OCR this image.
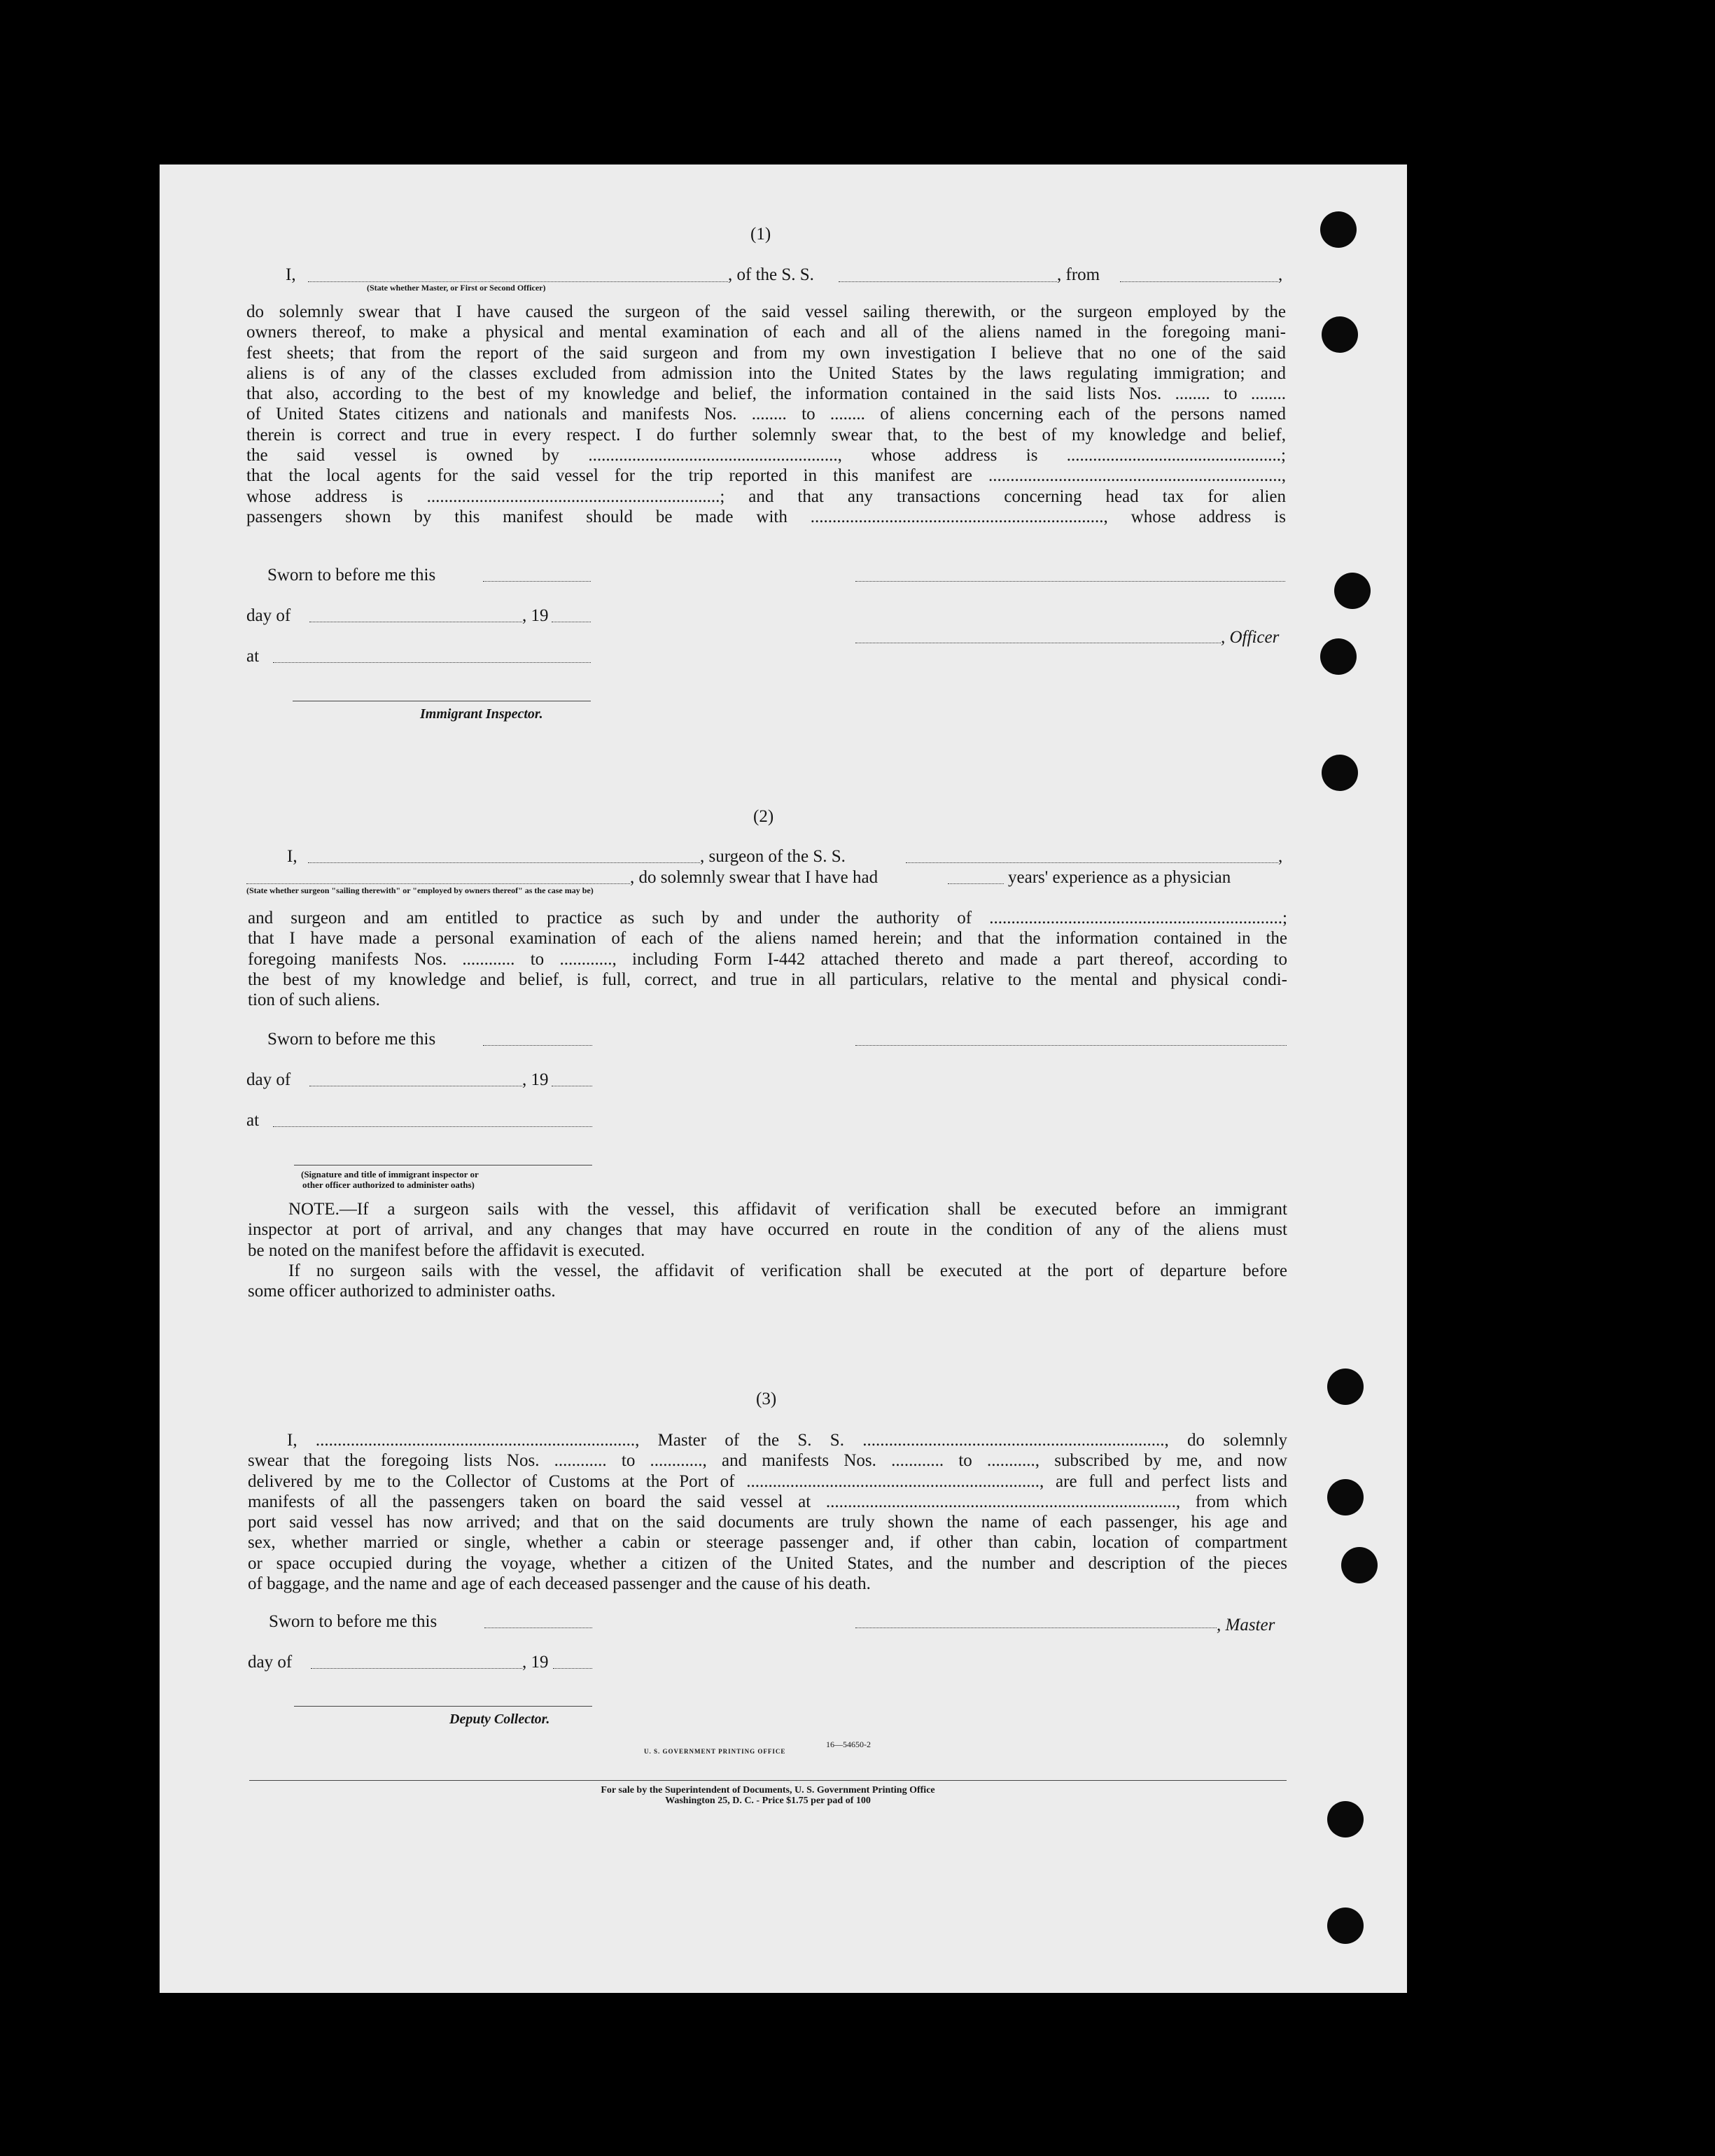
(1)
I,	, of the S. S.	, from	,
(State whether Master, or First or Second Officer)
do solemnly swear that I have caused the surgeon of the said vessel sailing therewith, or the surgeon employed by the
owners thereof, to make a physical and mental examination of each and all of the aliens named in the foregoing mani-
fest sheets; that from the report of the said surgeon and from my own investigation I believe that no one of the said
aliens is of any of the classes excluded from admission into the United States by the laws regulating immigration; and
that also, according to the best of my knowledge and belief, the information contained in the said lists Nos. ........ to ........
of United States citizens and nationals and manifests Nos. ........ to ........ of aliens concerning each of the persons named
therein is correct and true in every respect. I do further solemnly swear that, to the best of my knowledge and belief,
the said vessel is owned by ........................................................., whose address is .................................................;
that the local agents for the said vessel for the trip reported in this manifest are ...................................................................,
whose address is ...................................................................; and that any transactions concerning head tax for alien
passengers shown by this manifest should be made with ..................................................................., whose address is
Sworn to before me this
day of	, 19
, Officer
at
Immigrant Inspector.
(2)
I,	, surgeon of the S. S.	,
, do solemnly swear that I have had	years' experience as a physician
(State whether surgeon "sailing therewith" or "employed by owners thereof" as the case may be)
and surgeon and am entitled to practice as such by and under the authority of ...................................................................;
that I have made a personal examination of each of the aliens named herein; and that the information contained in the
foregoing manifests Nos. ............ to ............, including Form I-442 attached thereto and made a part thereof, according to
the best of my knowledge and belief, is full, correct, and true in all particulars, relative to the mental and physical condi-
tion of such aliens.
Sworn to before me this
day of	, 19
at
(Signature and title of immigrant inspector or
other officer authorized to administer oaths)
NOTE.—If a surgeon sails with the vessel, this affidavit of verification shall be executed before an immigrant
inspector at port of arrival, and any changes that may have occurred en route in the condition of any of the aliens must
be noted on the manifest before the affidavit is executed.
If no surgeon sails with the vessel, the affidavit of verification shall be executed at the port of departure before
some officer authorized to administer oaths.
(3)
I, ........................................................................., Master of the S. S. ....................................................................., do solemnly
swear that the foregoing lists Nos. ............ to ............, and manifests Nos. ............ to ..........., subscribed by me, and now
delivered by me to the Collector of Customs at the Port of ..................................................................., are full and perfect lists and
manifests of all the passengers taken on board the said vessel at ................................................................................, from which
port said vessel has now arrived; and that on the said documents are truly shown the name of each passenger, his age and
sex, whether married or single, whether a cabin or steerage passenger and, if other than cabin, location of compartment
or space occupied during the voyage, whether a citizen of the United States, and the number and description of the pieces
of baggage, and the name and age of each deceased passenger and the cause of his death.
Sworn to before me this	, Master
day of	, 19
Deputy Collector.
U. S. GOVERNMENT PRINTING OFFICE
16—54650-2
For sale by the Superintendent of Documents, U. S. Government Printing Office
Washington 25, D. C. - Price $1.75 per pad of 100
